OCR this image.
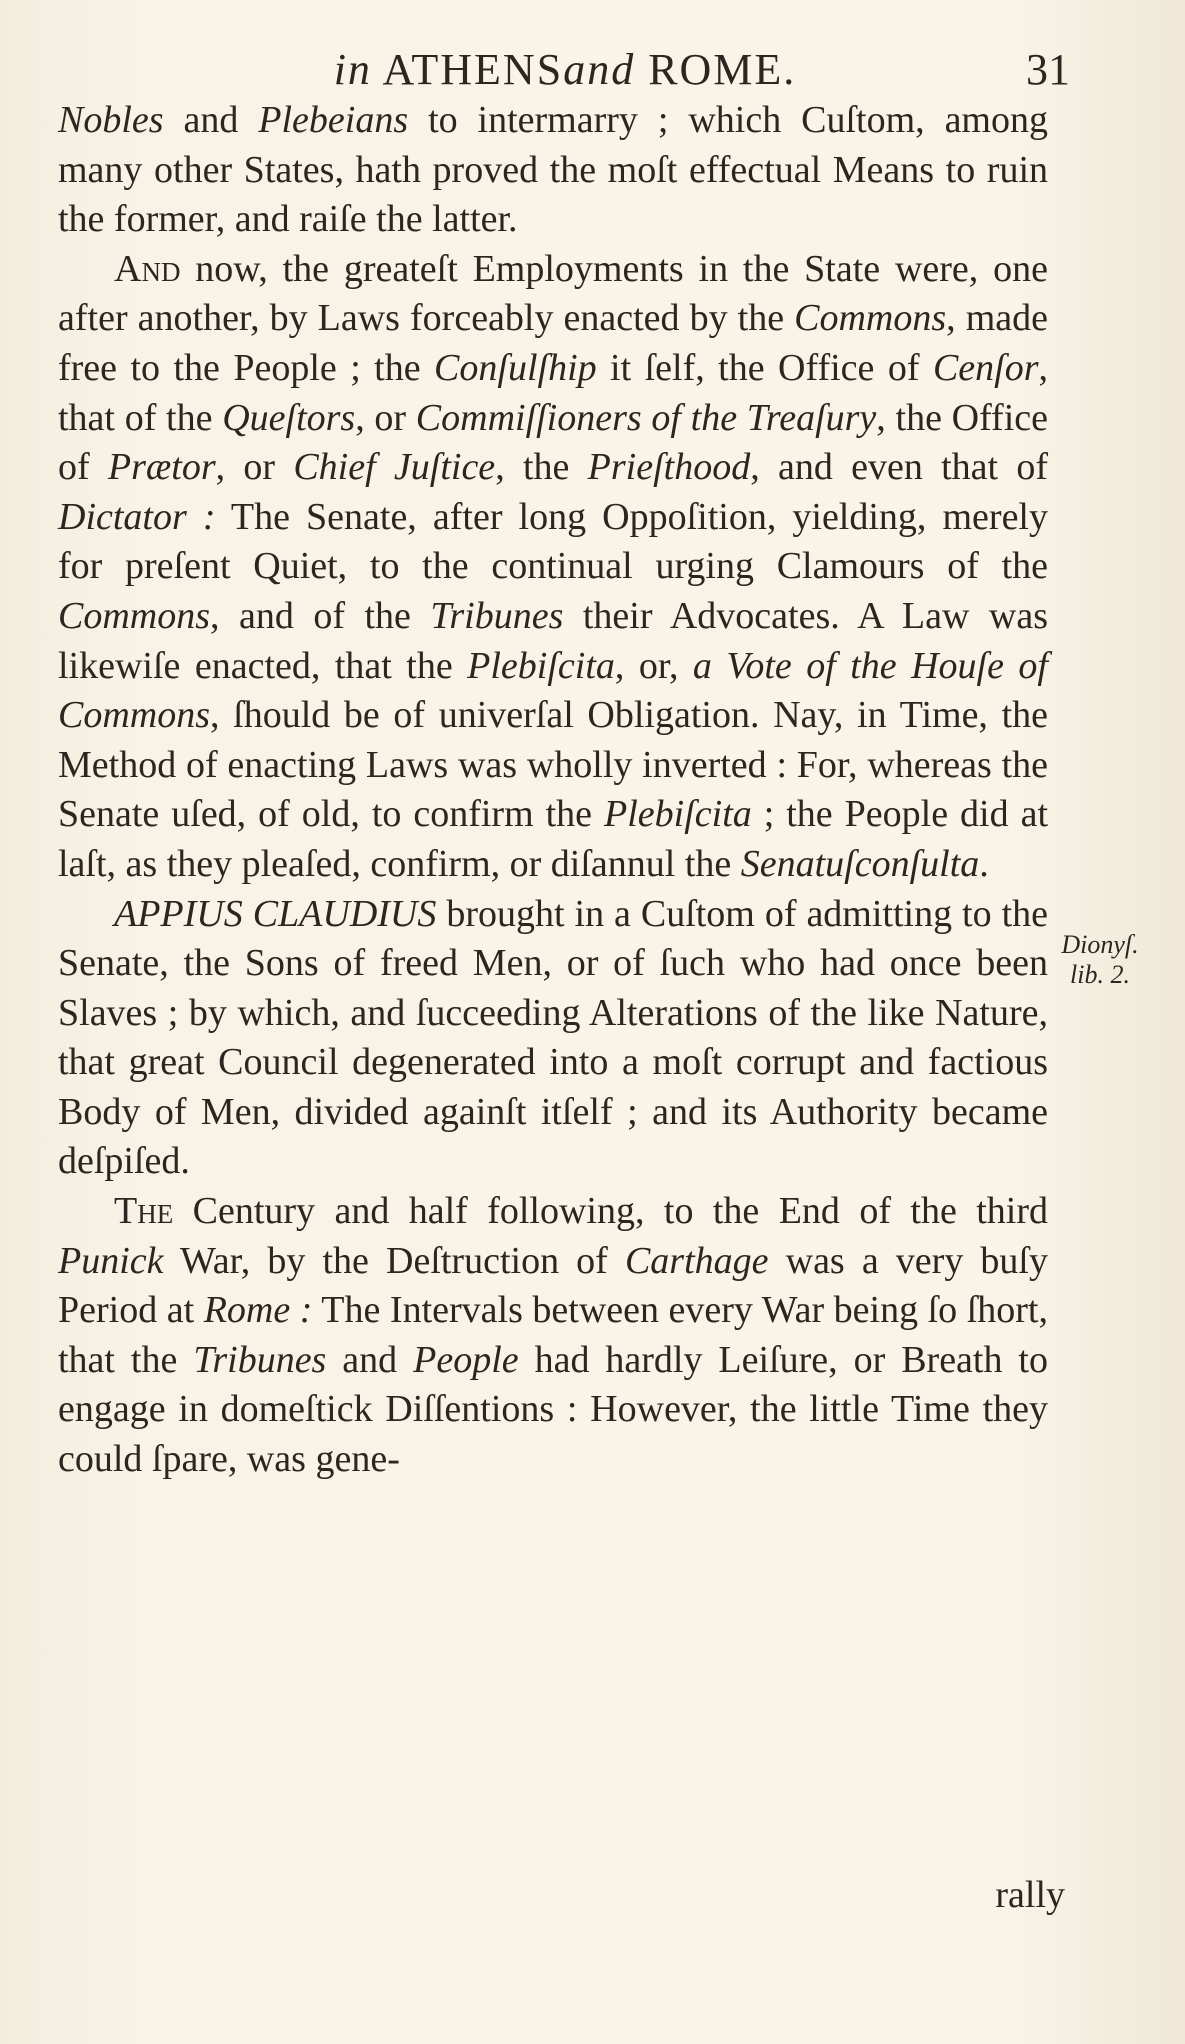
in ATHENSand ROME.	31

Nobles and Plebeians to intermarry ; which Cuſtom, among many other States, hath proved the moſt effectual Means to ruin the former, and raiſe the latter.

And now, the greateſt Employments in the State were, one after another, by Laws forceably enacted by the Commons, made free to the People ; the Conſulſhip it ſelf, the Office of Cenſor, that of the Queſtors, or Commiſſioners of the Treaſury, the Office of Prætor, or Chief Juſtice, the Prieſthood, and even that of Dictator : The Senate, after long Oppoſition, yielding, merely for preſent Quiet, to the continual urging Clamours of the Commons, and of the Tribunes their Advocates. A Law was likewiſe enacted, that the Plebiſcita, or, a Vote of the Houſe of Commons, ſhould be of univerſal Obligation. Nay, in Time, the Method of enacting Laws was wholly inverted : For, whereas the Senate uſed, of old, to confirm the Plebiſcita ; the People did at laſt, as they pleaſed, confirm, or diſannul the Senatuſconſulta.

APPIUS CLAUDIUS brought in a Cuſtom of admitting to the Senate, the Sons of freed Men, or of ſuch who had once been Slaves ; by which, and ſucceeding Alterations of the like Nature, that great Council degenerated into a moſt corrupt and factious Body of Men, divided againſt itſelf ; and its Authority became deſpiſed.

The Century and half following, to the End of the third Punick War, by the Deſtruction of Carthage was a very buſy Period at Rome : The Intervals between every War being ſo ſhort, that the Tribunes and People had hardly Leiſure, or Breath to engage in domeſtick Diſſentions : However, the little Time they could ſpare, was gene-

Dionyſ.
lib. 2.
rally
